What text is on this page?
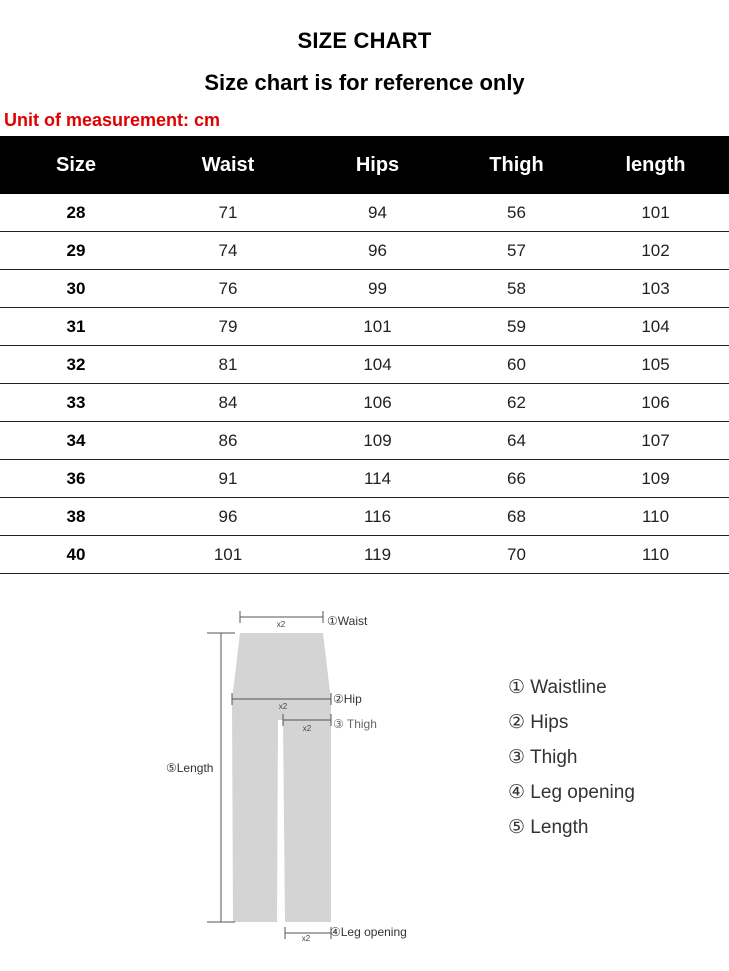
SIZE CHART
Size chart is for reference only
Unit of measurement: cm
Size	Waist	Hips	Thigh	length
28	71	94	56	101
29	74	96	57	102
30	76	99	58	103
31	79	101	59	104
32	81	104	60	105
33	84	106	62	106
34	86	109	64	107
36	91	114	66	109
38	96	116	68	110
40	101	119	70	110
x2
x2
x2
x2
①Waist
②Hip
③ Thigh
④Leg opening
⑤Length
① Waistline
② Hips
③ Thigh
④ Leg opening
⑤ Length
